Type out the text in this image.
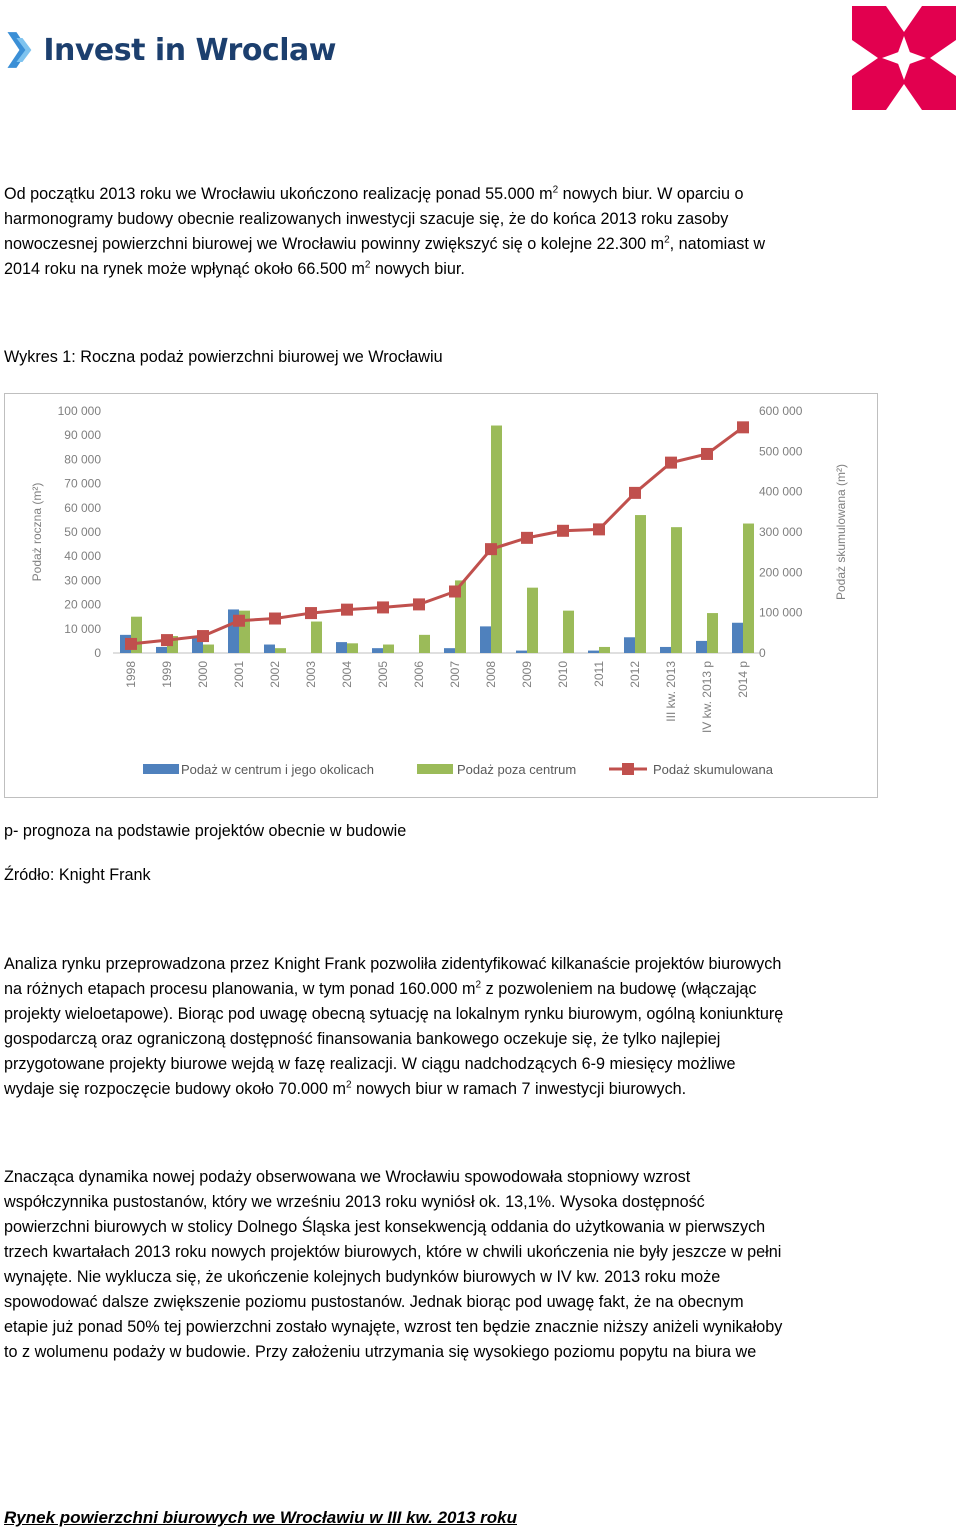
Invest in Wroclaw
Od początku 2013 roku we Wrocławiu ukończono realizację ponad 55.000 $m^2$ nowych biur. W oparciu o
harmonogramy budowy obecnie realizowanych inwestycji szacuje się, że do końca 2013 roku zasoby
nowoczesnej powierzchni biurowej we Wrocławiu powinny zwiększyć się o kolejne 22.300 $m^2$, natomiast w
2014 roku na rynek może wpłynąć około 66.500 $m^2$ nowych biur.
Wykres 1: Roczna podaż powierzchni biurowej we Wrocławiu
0
10 000
20 000
30 000
40 000
50 000
60 000
70 000
80 000
90 000
100 000
0
100 000
200 000
300 000
400 000
500 000
600 000
Podaż roczna (m²)	Podaż skumulowana (m²)
1998 1999 2000 2001 2002 2003 2004 2005 2006 2007 2008 2009 2010 2011 2012 III kw. 2013 IV kw. 2013 p 2014 p
Podaż w centrum i jego okolicach	Podaż poza centrum	Podaż skumulowana
p- prognoza na podstawie projektów obecnie w budowie
Źródło: Knight Frank
Analiza rynku przeprowadzona przez Knight Frank pozwoliła zidentyfikować kilkanaście projektów biurowych
na różnych etapach procesu planowania, w tym ponad 160.000 $m^2$ z pozwoleniem na budowę (włączając
projekty wieloetapowe). Biorąc pod uwagę obecną sytuację na lokalnym rynku biurowym, ogólną koniunkturę
gospodarczą oraz ograniczoną dostępność finansowania bankowego oczekuje się, że tylko najlepiej
przygotowane projekty biurowe wejdą w fazę realizacji. W ciągu nadchodzących 6-9 miesięcy możliwe
wydaje się rozpoczęcie budowy około 70.000 $m^2$ nowych biur w ramach 7 inwestycji biurowych.
Znacząca dynamika nowej podaży obserwowana we Wrocławiu spowodowała stopniowy wzrost
współczynnika pustostanów, który we wrześniu 2013 roku wyniósł ok. 13,1%. Wysoka dostępność
powierzchni biurowych w stolicy Dolnego Śląska jest konsekwencją oddania do użytkowania w pierwszych
trzech kwartałach 2013 roku nowych projektów biurowych, które w chwili ukończenia nie były jeszcze w pełni
wynajęte. Nie wyklucza się, że ukończenie kolejnych budynków biurowych w IV kw. 2013 roku może
spowodować dalsze zwiększenie poziomu pustostanów. Jednak biorąc pod uwagę fakt, że na obecnym
etapie już ponad 50% tej powierzchni zostało wynajęte, wzrost ten będzie znacznie niższy aniżeli wynikałoby
to z wolumenu podaży w budowie. Przy założeniu utrzymania się wysokiego poziomu popytu na biura we
Rynek powierzchni biurowych we Wrocławiu w III kw. 2013 roku
